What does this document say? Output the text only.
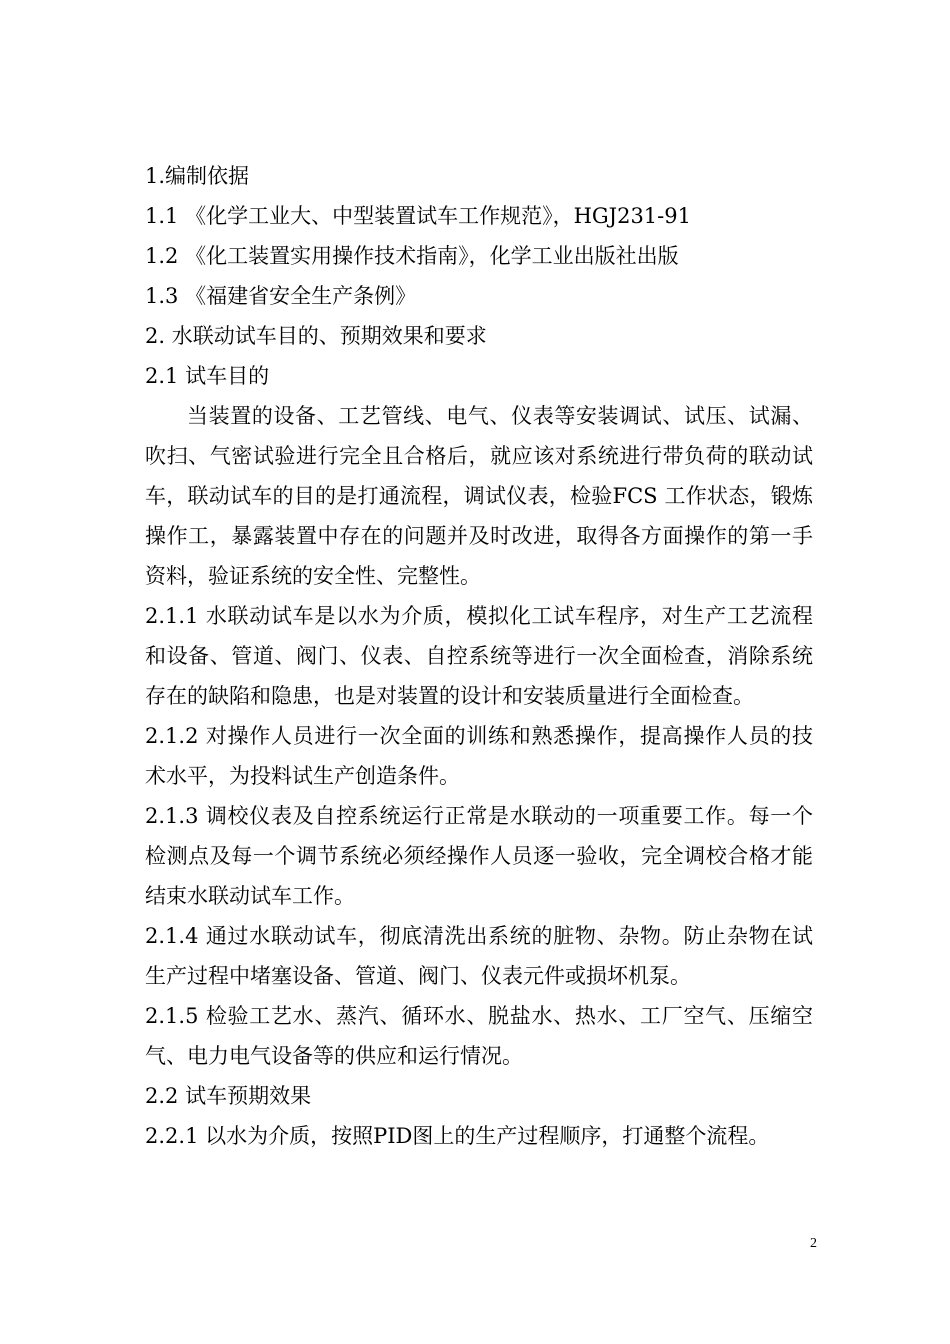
1.编制依据
1.1 《化学工业大、中型装置试车工作规范》，HGJ231-91
1.2 《化工装置实用操作技术指南》，化学工业出版社出版
1.3 《福建省安全生产条例》
2. 水联动试车目的、预期效果和要求
2.1 试车目的
当装置的设备、工艺管线、电气、仪表等安装调试、试压、试漏、吹扫、气密试验进行完全且合格后，就应该对系统进行带负荷的联动试车，联动试车的目的是打通流程，调试仪表，检验FCS 工作状态，锻炼操作工，暴露装置中存在的问题并及时改进，取得各方面操作的第一手资料，验证系统的安全性、完整性。
2.1.1 水联动试车是以水为介质，模拟化工试车程序，对生产工艺流程和设备、管道、阀门、仪表、自控系统等进行一次全面检查，消除系统存在的缺陷和隐患，也是对装置的设计和安装质量进行全面检查。
2.1.2 对操作人员进行一次全面的训练和熟悉操作，提高操作人员的技术水平，为投料试生产创造条件。
2.1.3 调校仪表及自控系统运行正常是水联动的一项重要工作。每一个检测点及每一个调节系统必须经操作人员逐一验收，完全调校合格才能结束水联动试车工作。
2.1.4 通过水联动试车，彻底清洗出系统的脏物、杂物。防止杂物在试生产过程中堵塞设备、管道、阀门、仪表元件或损坏机泵。
2.1.5 检验工艺水、蒸汽、循环水、脱盐水、热水、工厂空气、压缩空气、电力电气设备等的供应和运行情况。
2.2 试车预期效果
2.2.1 以水为介质，按照PID图上的生产过程顺序，打通整个流程。
2
